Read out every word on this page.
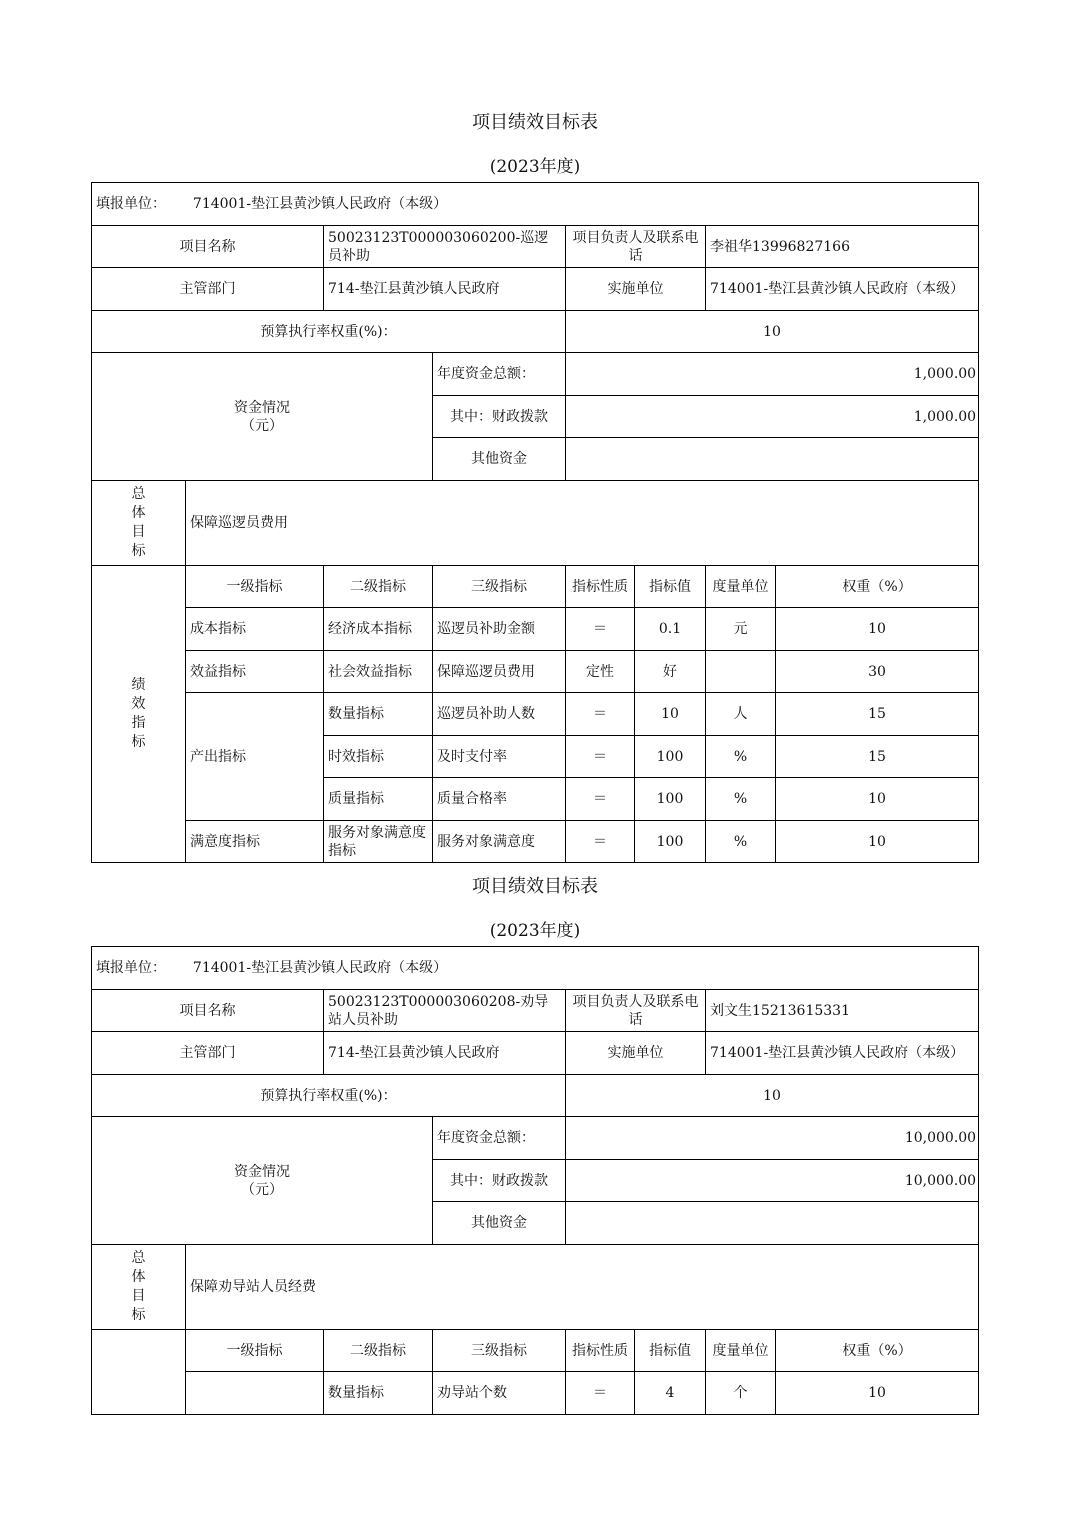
项目绩效目标表
(2023年度)
填报单位： 714001-垫江县黄沙镇人民政府（本级）							
项目名称		50023123T000003060200-巡逻员补助		项目负责人及联系电话		李祖华13996827166	
主管部门		714-垫江县黄沙镇人民政府		实施单位		714001-垫江县黄沙镇人民政府（本级）	
预算执行率权重(%)：				10			

资金情况
（元）			年度资金总额：	1,000.00			
			其中：财政拨款	1,000.00			
			其他资金				

总
体
目
标	保障巡逻员费用						

绩
效
指
标	一级指标	二级指标	三级指标	指标性质	指标值	度量单位	权重（%）
	成本指标	经济成本指标	巡逻员补助金额	＝	0.1	元	10
	效益指标	社会效益指标	保障巡逻员费用	定性	好		30
	产出指标	数量指标	巡逻员补助人数	＝	10	人	15
		时效指标	及时支付率	＝	100	%	15
		质量指标	质量合格率	＝	100	%	10
	满意度指标	服务对象满意度指标	服务对象满意度	＝	100	%	10
项目绩效目标表
(2023年度)
填报单位： 714001-垫江县黄沙镇人民政府（本级）							
项目名称		50023123T000003060208-劝导站人员补助		项目负责人及联系电话		刘文生15213615331	
主管部门		714-垫江县黄沙镇人民政府		实施单位		714001-垫江县黄沙镇人民政府（本级）	
预算执行率权重(%)：				10			

资金情况
（元）			年度资金总额：	10,000.00			
			其中：财政拨款	10,000.00			
			其他资金				

总
体
目
标	保障劝导站人员经费						
	一级指标	二级指标	三级指标	指标性质	指标值	度量单位	权重（%）
		数量指标	劝导站个数	＝	4	个	10
